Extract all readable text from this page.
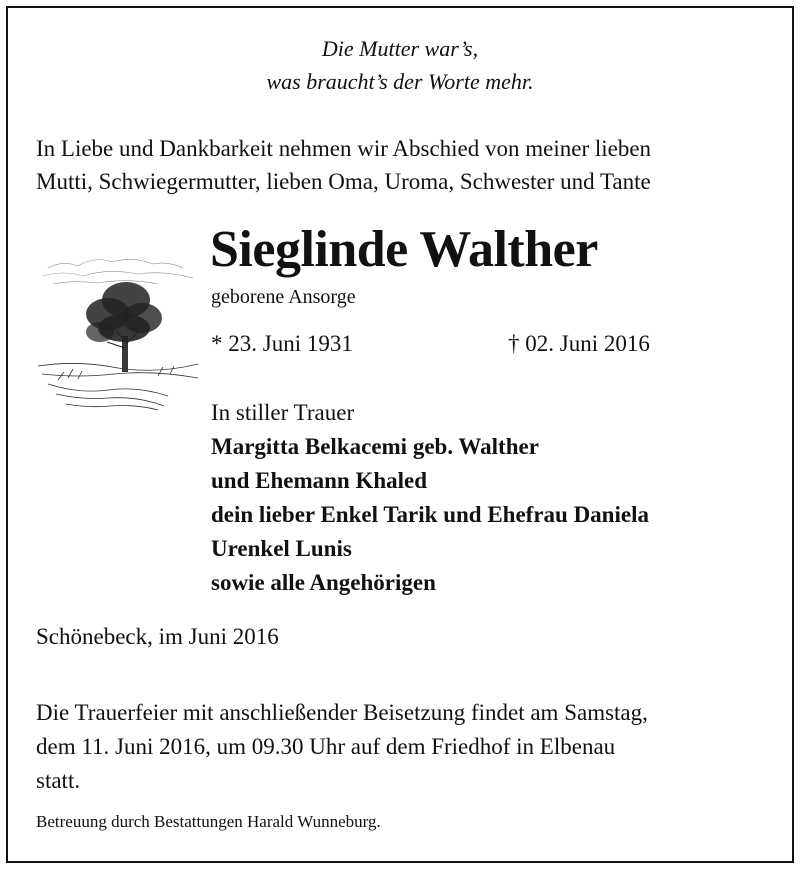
Die Mutter war’s,
was braucht’s der Worte mehr.
In Liebe und Dankbarkeit nehmen wir Abschied von meiner lieben
Mutti, Schwiegermutter, lieben Oma, Uroma, Schwester und Tante
Sieglinde Walther
geborene Ansorge
* 23. Juni 1931	† 02. Juni 2016
In stiller Trauer
Margitta Belkacemi geb. Walther
und Ehemann Khaled
dein lieber Enkel Tarik und Ehefrau Daniela
Urenkel Lunis
sowie alle Angehörigen
Schönebeck, im Juni 2016
Die Trauerfeier mit anschließender Beisetzung findet am Samstag,
dem 11. Juni 2016, um 09.30 Uhr auf dem Friedhof in Elbenau
statt.
Betreuung durch Bestattungen Harald Wunneburg.
